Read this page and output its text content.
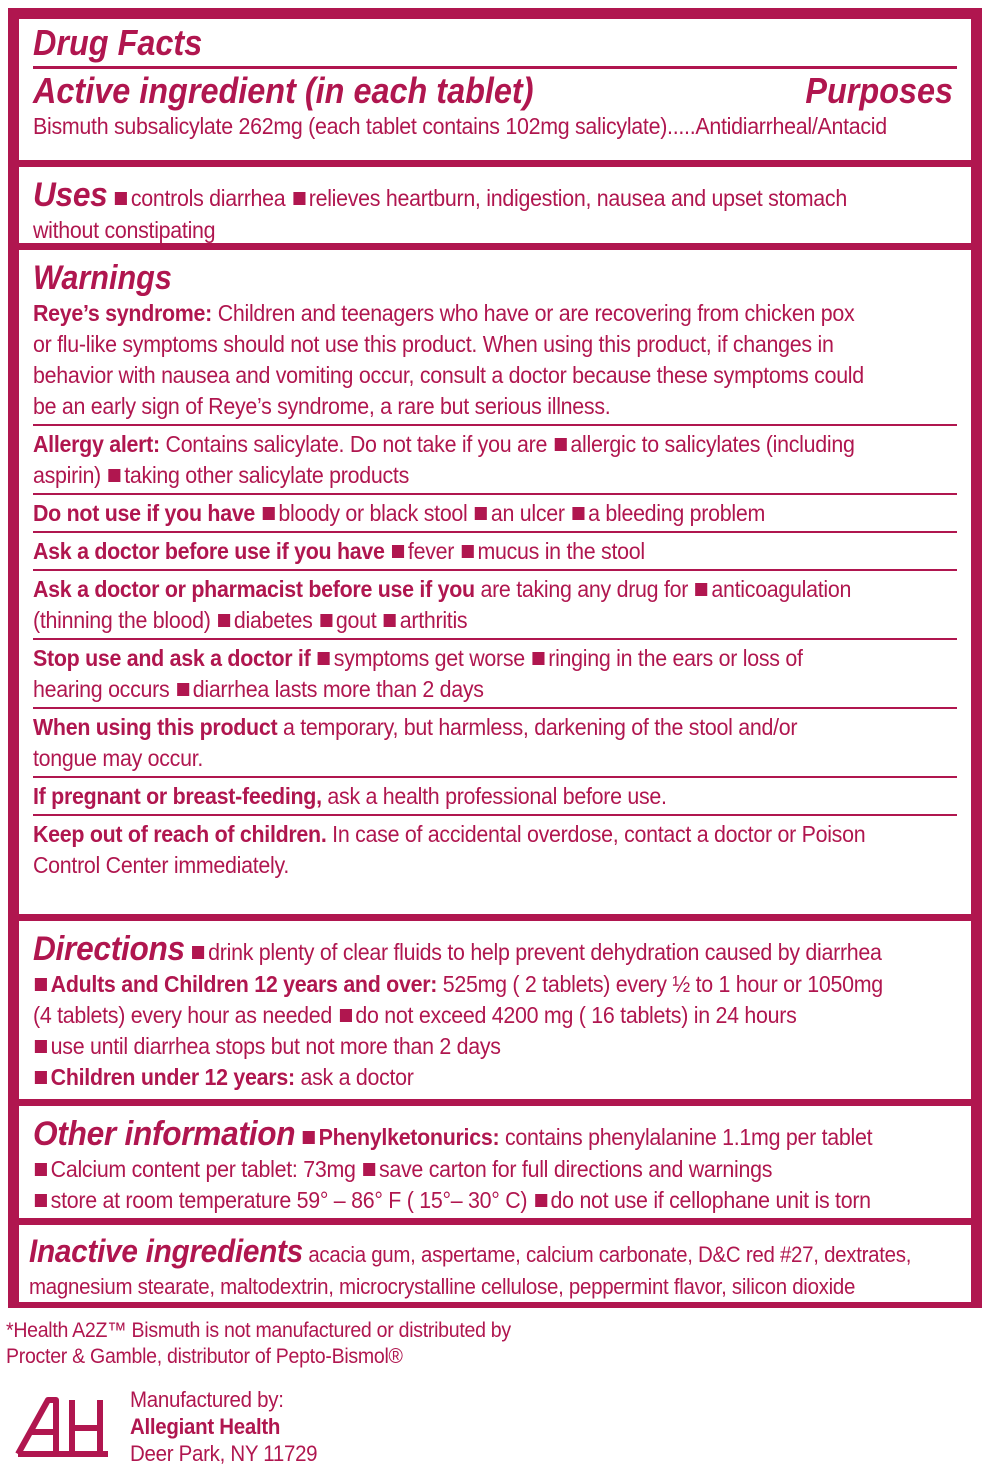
Drug Facts
Active ingredient (in each tablet)	Purposes
Bismuth subsalicylate 262mg (each tablet contains 102mg salicylate).....Antidiarrheal/Antacid
Uses controls diarrhea relieves heartburn, indigestion, nausea and upset stomach
without constipating
Warnings
Reye’s syndrome: Children and teenagers who have or are recovering from chicken pox
or flu-like symptoms should not use this product. When using this product, if changes in
behavior with nausea and vomiting occur, consult a doctor because these symptoms could
be an early sign of Reye’s syndrome, a rare but serious illness.
Allergy alert: Contains salicylate. Do not take if you are allergic to salicylates (including
aspirin) taking other salicylate products
Do not use if you have bloody or black stool an ulcer a bleeding problem
Ask a doctor before use if you have fever mucus in the stool
Ask a doctor or pharmacist before use if you are taking any drug for anticoagulation
(thinning the blood) diabetes gout arthritis
Stop use and ask a doctor if symptoms get worse ringing in the ears or loss of
hearing occurs diarrhea lasts more than 2 days
When using this product a temporary, but harmless, darkening of the stool and/or
tongue may occur.
If pregnant or breast-feeding, ask a health professional before use.
Keep out of reach of children. In case of accidental overdose, contact a doctor or Poison
Control Center immediately.
Directions drink plenty of clear fluids to help prevent dehydration caused by diarrhea
Adults and Children 12 years and over: 525mg ( 2 tablets) every ½ to 1 hour or 1050mg
(4 tablets) every hour as needed do not exceed 4200 mg ( 16 tablets) in 24 hours
use until diarrhea stops but not more than 2 days
Children under 12 years: ask a doctor
Other information Phenylketonurics: contains phenylalanine 1.1mg per tablet
Calcium content per tablet: 73mg save carton for full directions and warnings
store at room temperature 59° – 86° F ( 15°– 30° C) do not use if cellophane unit is torn
Inactive ingredients acacia gum, aspertame, calcium carbonate, D&C red #27, dextrates,
magnesium stearate, maltodextrin, microcrystalline cellulose, peppermint flavor, silicon dioxide
*Health A2Z™ Bismuth is not manufactured or distributed by
Procter & Gamble, distributor of Pepto-Bismol®
Manufactured by:
Allegiant Health
Deer Park, NY 11729
